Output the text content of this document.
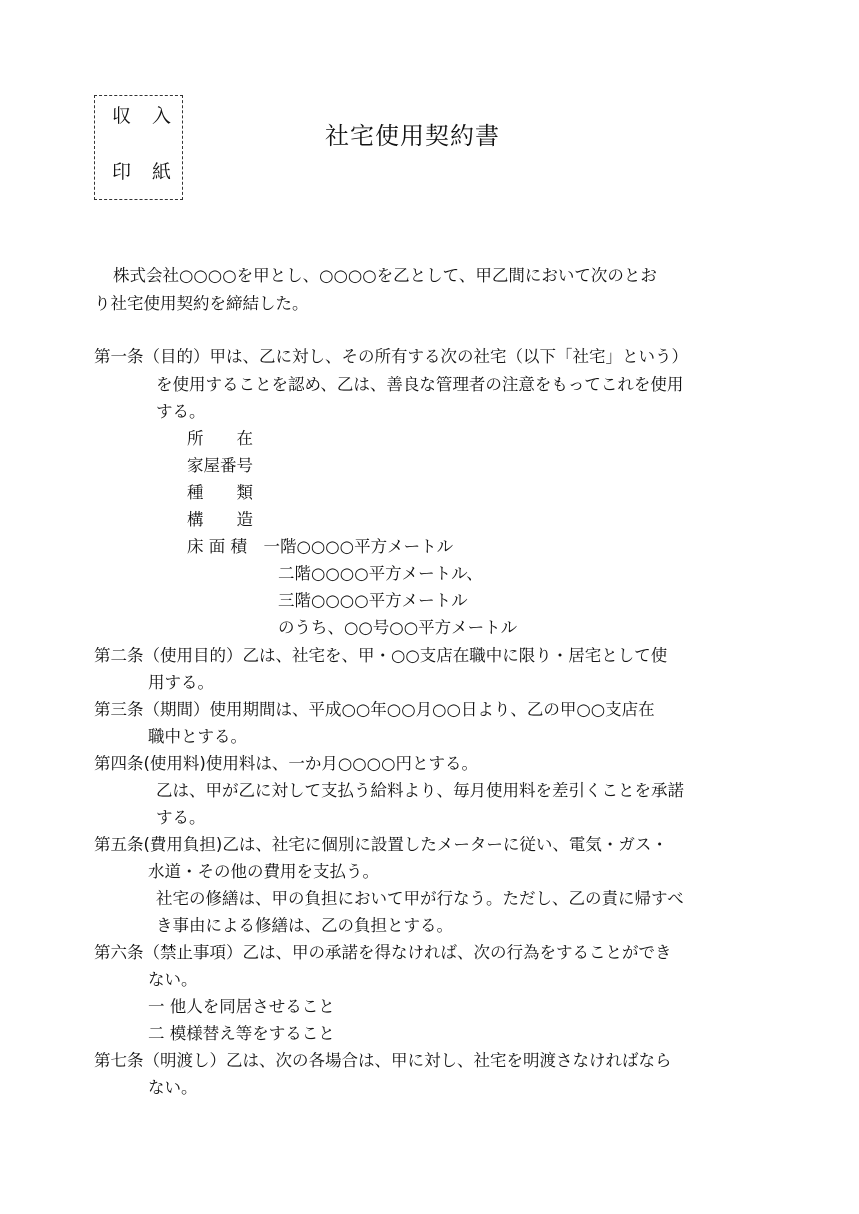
収 入
印 紙
社宅使用契約書
株式会社○○○○を甲とし、○○○○を乙として、甲乙間において次のとお
り社宅使用契約を締結した。
第一条（目的）甲は、乙に対し、その所有する次の社宅（以下「社宅」という）
を使用することを認め、乙は、善良な管理者の注意をもってこれを使用
する。
所　　在
家屋番号
種　　類
構　　造
床 面 積　一階○○○○平方メートル
二階○○○○平方メートル、
三階○○○○平方メートル
のうち、○○号○○平方メートル
第二条（使用目的）乙は、社宅を、甲・○○支店在職中に限り・居宅として使
用する。
第三条（期間）使用期間は、平成○○年○○月○○日より、乙の甲○○支店在
職中とする。
第四条(使用料)使用料は、一か月○○○○円とする。
乙は、甲が乙に対して支払う給料より、毎月使用料を差引くことを承諾
する。
第五条(費用負担)乙は、社宅に個別に設置したメーターに従い、電気・ガス・
水道・その他の費用を支払う。
社宅の修繕は、甲の負担において甲が行なう。ただし、乙の責に帰すべ
き事由による修繕は、乙の負担とする。
第六条（禁止事項）乙は、甲の承諾を得なければ、次の行為をすることができ
ない。
一 他人を同居させること
二 模様替え等をすること
第七条（明渡し）乙は、次の各場合は、甲に対し、社宅を明渡さなければなら
ない。
